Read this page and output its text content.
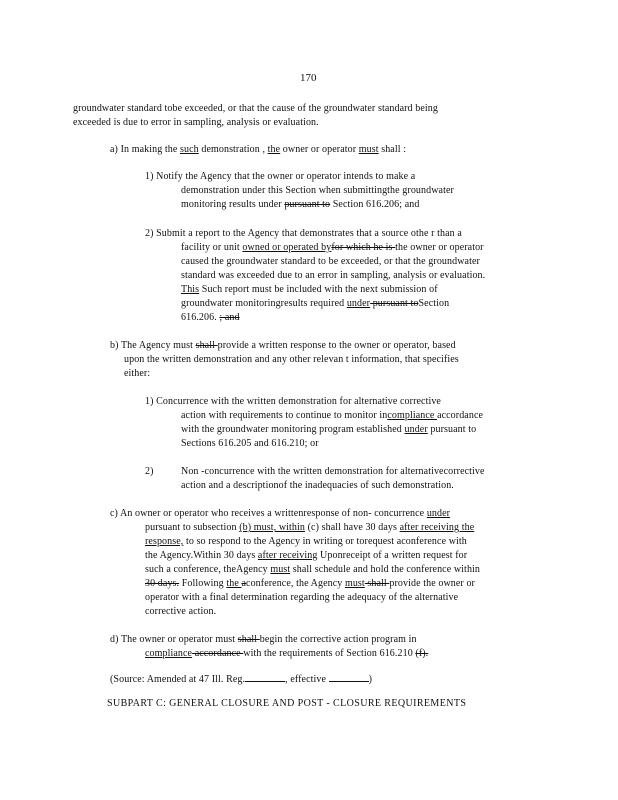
170
groundwater standard tobe exceeded, or that the cause of the groundwater standard being
exceeded is due to error in sampling, analysis or evaluation.
a) In making the such demonstration , the owner or operator must shall :
1) Notify the Agency that the owner or operator intends to make a
demonstration under this Section when submittingthe groundwater
monitoring results under pursuant to Section 616.206; and
2) Submit a report to the Agency that demonstrates that a source othe r than a
facility or unit owned or operated byfor which he is the owner or operator
caused the groundwater standard to be exceeded, or that the groundwater
standard was exceeded due to an error in sampling, analysis or evaluation.
This Such report must be included with the next submission of
groundwater monitoringresults required under pursuant toSection
616.206. ; and
b) The Agency must shall provide a written response to the owner or operator, based
upon the written demonstration and any other relevan t information, that specifies
either:
1) Concurrence with the written demonstration for alternative corrective
action with requirements to continue to monitor incompliance accordance
with the groundwater monitoring program established under pursuant to
Sections 616.205 and 616.210; or
2)	Non -concurrence with the written demonstration for alternativecorrective
action and a descriptionof the inadequacies of such demonstration.
c) An owner or operator who receives a writtenresponse of non- concurrence under
pursuant to subsection (b) must, within (c) shall have 30 days after receiving the
response, to so respond to the Agency in writing or torequest aconference with
the Agency.Within 30 days after receiving Uponreceipt of a written request for
such a conference, theAgency must shall schedule and hold the conference within
30 days. Following the aconference, the Agency must shall provide the owner or
operator with a final determination regarding the adequacy of the alternative
corrective action.
d) The owner or operator must shall begin the corrective action program in
compliance accordance with the requirements of Section 616.210 (f).
(Source: Amended at 47 Ill. Reg.	, effective	)
SUBPART C: GENERAL CLOSURE AND POST - CLOSURE REQUIREMENTS
